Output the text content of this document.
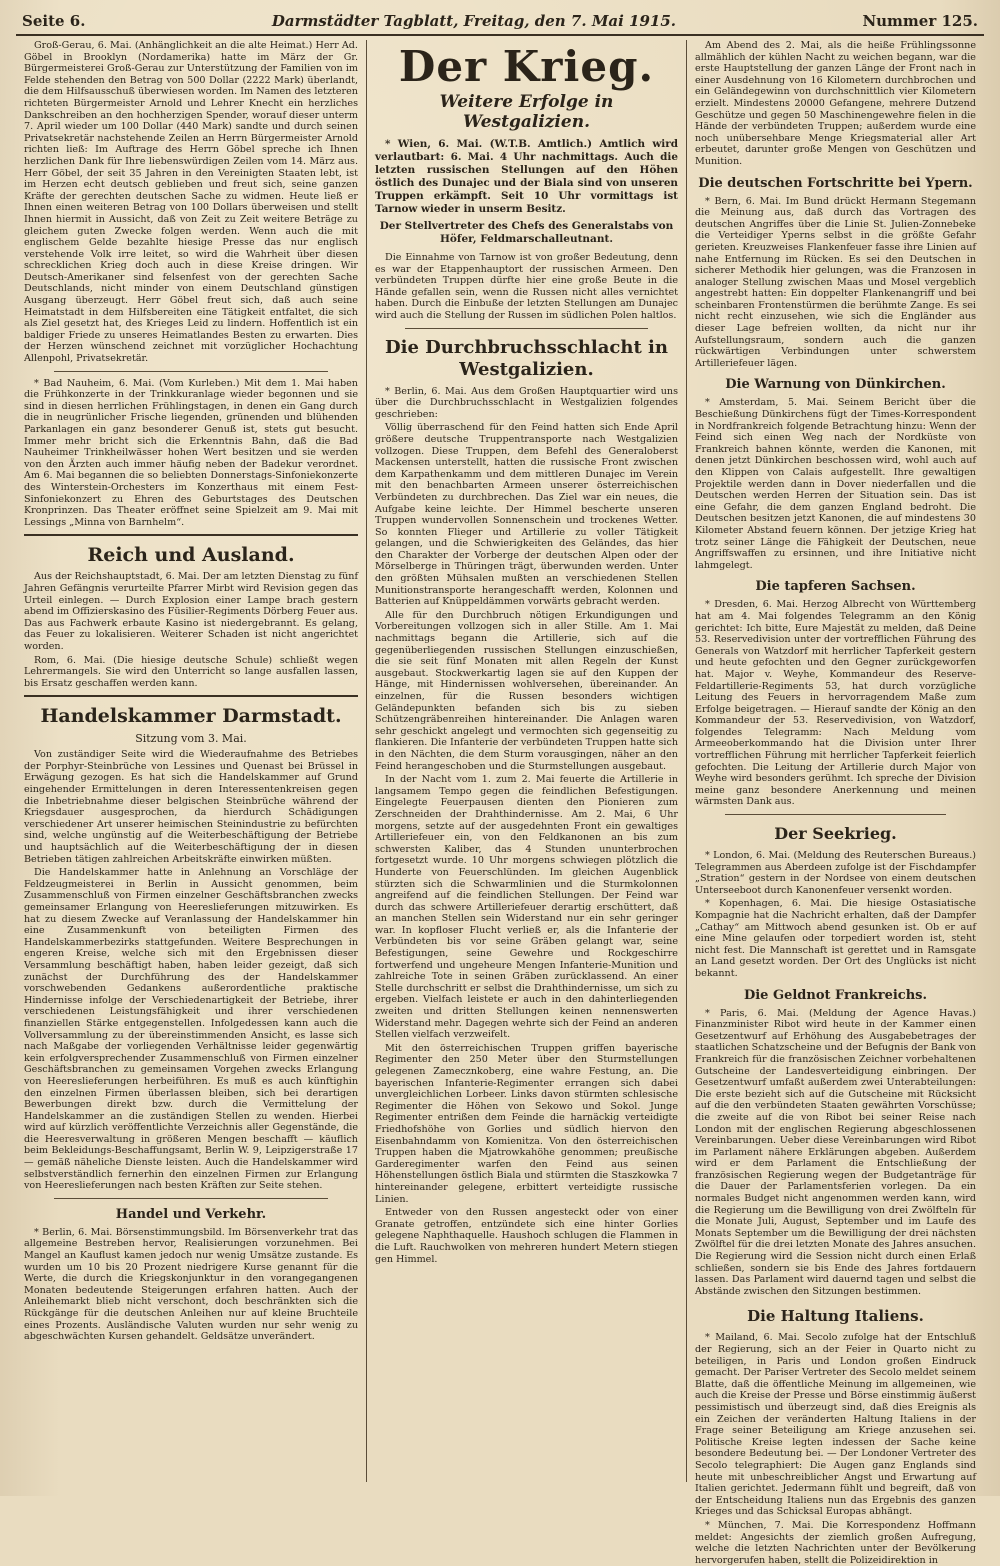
Seite 6.	Darmstädter Tagblatt, Freitag, den 7. Mai 1915.	Nummer 125.

Groß-Gerau, 6. Mai. (Anhänglichkeit an die alte Heimat.) Herr Ad. Göbel in Brooklyn (Nordamerika) hatte im März der Gr. Bürgermeisterei Groß-Gerau zur Unterstützung der Familien von im Felde stehenden den Betrag von 500 Dollar (2222 Mark) überlandt, die dem Hilfsausschuß überwiesen worden. Im Namen des letzteren richteten Bürgermeister Arnold und Lehrer Knecht ein herzliches Dankschreiben an den hochherzigen Spender, worauf dieser unterm 7. April wieder um 100 Dollar (440 Mark) sandte und durch seinen Privatsekretär nachstehende Zeilen an Herrn Bürgermeister Arnold richten ließ: Im Auftrage des Herrn Göbel spreche ich Ihnen herzlichen Dank für Ihre liebenswürdigen Zeilen vom 14. März aus. Herr Göbel, der seit 35 Jahren in den Vereinigten Staaten lebt, ist im Herzen echt deutsch geblieben und freut sich, seine ganzen Kräfte der gerechten deutschen Sache zu widmen. Heute ließ er Ihnen einen weiteren Betrag von 100 Dollars überweisen und stellt Ihnen hiermit in Aussicht, daß von Zeit zu Zeit weitere Beträge zu gleichem guten Zwecke folgen werden. Wenn auch die mit englischem Gelde bezahlte hiesige Presse das nur englisch verstehende Volk irre leitet, so wird die Wahrheit über diesen schrecklichen Krieg doch auch in diese Kreise dringen. Wir Deutsch-Amerikaner sind felsenfest von der gerechten Sache Deutschlands, nicht minder von einem Deutschland günstigen Ausgang überzeugt. Herr Göbel freut sich, daß auch seine Heimatstadt in dem Hilfsbereiten eine Tätigkeit entfaltet, die sich als Ziel gesetzt hat, des Krieges Leid zu lindern. Hoffentlich ist ein baldiger Friede zu unseres Heimatlandes Besten zu erwarten. Dies der Herzen wünschend zeichnet mit vorzüglicher Hochachtung Allenpohl, Privatsekretär.

* Bad Nauheim, 6. Mai. (Vom Kurleben.) Mit dem 1. Mai haben die Frühkonzerte in der Trinkkuranlage wieder begonnen und sie sind in diesen herrlichen Frühlingstagen, in denen ein Gang durch die in neugrünlicher Frische liegenden, grünenden und blühenden Parkanlagen ein ganz besonderer Genuß ist, stets gut besucht. Immer mehr bricht sich die Erkenntnis Bahn, daß die Bad Nauheimer Trinkheilwässer hohen Wert besitzen und sie werden von den Ärzten auch immer häufig neben der Badekur verordnet. Am 6. Mai begannen die so beliebten Donnerstags-Sinfoniekonzerte des Winterstein-Orchesters im Konzerthaus mit einem Fest-Sinfoniekonzert zu Ehren des Geburtstages des Deutschen Kronprinzen. Das Theater eröffnet seine Spielzeit am 9. Mai mit Lessings „Minna von Barnhelm“.

Reich und Ausland.

Aus der Reichshauptstadt, 6. Mai. Der am letzten Dienstag zu fünf Jahren Gefängnis verurteilte Pfarrer Mirbt wird Revision gegen das Urteil einlegen. — Durch Explosion einer Lampe brach gestern abend im Offizierskasino des Füsilier-Regiments Dörberg Feuer aus. Das aus Fachwerk erbaute Kasino ist niedergebrannt. Es gelang, das Feuer zu lokalisieren. Weiterer Schaden ist nicht angerichtet worden.

Rom, 6. Mai. (Die hiesige deutsche Schule) schließt wegen Lehrermangels. Sie wird den Unterricht so lange ausfallen lassen, bis Ersatz geschaffen werden kann.

Handelskammer Darmstadt.
Sitzung vom 3. Mai.

Von zuständiger Seite wird die Wiederaufnahme des Betriebes der Porphyr-Steinbrüche von Lessines und Quenast bei Brüssel in Erwägung gezogen. Es hat sich die Handelskammer auf Grund eingehender Ermittelungen in deren Interessentenkreisen gegen die Inbetriebnahme dieser belgischen Steinbrüche während der Kriegsdauer ausgesprochen, da hierdurch Schädigungen verschiedener Art unserer heimischen Steinindustrie zu befürchten sind, welche ungünstig auf die Weiterbeschäftigung der Betriebe und hauptsächlich auf die Weiterbeschäftigung der in diesen Betrieben tätigen zahlreichen Arbeitskräfte einwirken müßten.

Die Handelskammer hatte in Anlehnung an Vorschläge der Feldzeugmeisterei in Berlin in Aussicht genommen, beim Zusammenschluß von Firmen einzelner Geschäftsbranchen zwecks gemeinsamer Erlangung von Heereslieferungen mitzuwirken. Es hat zu diesem Zwecke auf Veranlassung der Handelskammer hin eine Zusammenkunft von beteiligten Firmen des Handelskammerbezirks stattgefunden. Weitere Besprechungen in engeren Kreise, welche sich mit den Ergebnissen dieser Versammlung beschäftigt haben, haben leider gezeigt, daß sich zunächst der Durchführung des der Handelskammer vorschwebenden Gedankens außerordentliche praktische Hindernisse infolge der Verschiedenartigkeit der Betriebe, ihrer verschiedenen Leistungsfähigkeit und ihrer verschiedenen finanziellen Stärke entgegenstellen. Infolgedessen kann auch die Vollversammlung zu der übereinstimmenden Ansicht, es lasse sich nach Maßgabe der vorliegenden Verhältnisse leider gegenwärtig kein erfolgversprechender Zusammenschluß von Firmen einzelner Geschäftsbranchen zu gemeinsamen Vorgehen zwecks Erlangung von Heereslieferungen herbeiführen. Es muß es auch künftighin den einzelnen Firmen überlassen bleiben, sich bei derartigen Bewerbungen direkt bzw. durch die Vermittelung der Handelskammer an die zuständigen Stellen zu wenden. Hierbei wird auf kürzlich veröffentlichte Verzeichnis aller Gegenstände, die die Heeresverwaltung in größeren Mengen beschafft — käuflich beim Bekleidungs-Beschaffungsamt, Berlin W. 9, Leipzigerstraße 17 — gemäß näheliche Dienste leisten. Auch die Handelskammer wird selbstverständlich fernerhin den einzelnen Firmen zur Erlangung von Heereslieferungen nach besten Kräften zur Seite stehen.

Handel und Verkehr.

* Berlin, 6. Mai. Börsenstimmungsbild. Im Börsenverkehr trat das allgemeine Bestreben hervor, Realisierungen vorzunehmen. Bei Mangel an Kauflust kamen jedoch nur wenig Umsätze zustande. Es wurden um 10 bis 20 Prozent niedrigere Kurse genannt für die Werte, die durch die Kriegskonjunktur in den vorangegangenen Monaten bedeutende Steigerungen erfahren hatten. Auch der Anleihemarkt blieb nicht verschont, doch beschränkten sich die Rückgänge für die deutschen Anleihen nur auf kleine Bruchteile eines Prozents. Ausländische Valuten wurden nur sehr wenig zu abgeschwächten Kursen gehandelt. Geldsätze unverändert.

Der Krieg.
Weitere Erfolge in Westgalizien.

* Wien, 6. Mai. (W.T.B. Amtlich.) Amtlich wird verlautbart: 6. Mai. 4 Uhr nachmittags. Auch die letzten russischen Stellungen auf den Höhen östlich des Dunajec und der Biala sind von unseren Truppen erkämpft. Seit 10 Uhr vormittags ist Tarnow wieder in unserm Besitz.

Der Stellvertreter des Chefs des Generalstabs von Höfer, Feldmarschalleutnant.

Die Einnahme von Tarnow ist von großer Bedeutung, denn es war der Etappenhauptort der russischen Armeen. Den verbündeten Truppen dürfte hier eine große Beute in die Hände gefallen sein, wenn die Russen nicht alles vernichtet haben. Durch die Einbuße der letzten Stellungen am Dunajec wird auch die Stellung der Russen im südlichen Polen haltlos.

Die Durchbruchsschlacht in Westgalizien.

* Berlin, 6. Mai. Aus dem Großen Hauptquartier wird uns über die Durchbruchsschlacht in Westgalizien folgendes geschrieben:

Völlig überraschend für den Feind hatten sich Ende April größere deutsche Truppentransporte nach Westgalizien vollzogen. Diese Truppen, dem Befehl des Generaloberst Mackensen unterstellt, hatten die russische Front zwischen dem Karpathenkamm und dem mittleren Dunajec im Verein mit den benachbarten Armeen unserer österreichischen Verbündeten zu durchbrechen. Das Ziel war ein neues, die Aufgabe keine leichte. Der Himmel bescherte unseren Truppen wundervollen Sonnenschein und trockenes Wetter. So konnten Flieger und Artillerie zu voller Tätigkeit gelangen, und die Schwierigkeiten des Geländes, das hier den Charakter der Vorberge der deutschen Alpen oder der Mörselberge in Thüringen trägt, überwunden werden. Unter den größten Mühsalen mußten an verschiedenen Stellen Munitionstransporte herangeschafft werden, Kolonnen und Batterien auf Knüppeldämmen vorwärts gebracht werden.

Alle für den Durchbruch nötigen Erkundigungen und Vorbereitungen vollzogen sich in aller Stille. Am 1. Mai nachmittags begann die Artillerie, sich auf die gegenüberliegenden russischen Stellungen einzuschießen, die sie seit fünf Monaten mit allen Regeln der Kunst ausgebaut. Stockwerkartig lagen sie auf den Kuppen der Hänge, mit Hindernissen wohlversehen, übereinander. An einzelnen, für die Russen besonders wichtigen Geländepunkten befanden sich bis zu sieben Schützengräbenreihen hintereinander. Die Anlagen waren sehr geschickt angelegt und vermochten sich gegenseitig zu flankieren. Die Infanterie der verbündeten Truppen hatte sich in den Nächten, die dem Sturm vorausgingen, näher an den Feind herangeschoben und die Sturmstellungen ausgebaut.

In der Nacht vom 1. zum 2. Mai feuerte die Artillerie in langsamem Tempo gegen die feindlichen Befestigungen. Eingelegte Feuerpausen dienten den Pionieren zum Zerschneiden der Drahthindernisse. Am 2. Mai, 6 Uhr morgens, setzte auf der ausgedehnten Front ein gewaltiges Artilleriefeuer ein, von den Feldkanonen an bis zum schwersten Kaliber, das 4 Stunden ununterbrochen fortgesetzt wurde. 10 Uhr morgens schwiegen plötzlich die Hunderte von Feuerschlünden. Im gleichen Augenblick stürzten sich die Schwarmlinien und die Sturmkolonnen angreifend auf die feindlichen Stellungen. Der Feind war durch das schwere Artilleriefeuer derartig erschüttert, daß an manchen Stellen sein Widerstand nur ein sehr geringer war. In kopfloser Flucht verließ er, als die Infanterie der Verbündeten bis vor seine Gräben gelangt war, seine Befestigungen, seine Gewehre und Rockgeschirre fortwerfend und ungeheure Mengen Infanterie-Munition und zahlreiche Tote in seinen Gräben zurücklassend. An einer Stelle durchschritt er selbst die Drahthindernisse, um sich zu ergeben. Vielfach leistete er auch in den dahinterliegenden zweiten und dritten Stellungen keinen nennenswerten Widerstand mehr. Dagegen wehrte sich der Feind an anderen Stellen vielfach verzweifelt.

Mit den österreichischen Truppen griffen bayerische Regimenter den 250 Meter über den Sturmstellungen gelegenen Zamecznkoberg, eine wahre Festung, an. Die bayerischen Infanterie-Regimenter errangen sich dabei unvergleichlichen Lorbeer. Links davon stürmten schlesische Regimenter die Höhen von Sekowo und Sokol. Junge Regimenter entrißen dem Feinde die harnäckig verteidigte Friedhofshöhe von Gorlies und südlich hiervon den Eisenbahndamm von Komienitza. Von den österreichischen Truppen haben die Mjatrowkahöhe genommen; preußische Garderegimenter warfen den Feind aus seinen Höhenstellungen östlich Biala und stürmten die Staszkowka 7 hintereinander gelegene, erbittert verteidigte russische Linien.

Entweder von den Russen angesteckt oder von einer Granate getroffen, entzündete sich eine hinter Gorlies gelegene Naphthaquelle. Haushoch schlugen die Flammen in die Luft. Rauchwolken von mehreren hundert Metern stiegen gen Himmel.

Am Abend des 2. Mai, als die heiße Frühlingssonne allmählich der kühlen Nacht zu weichen begann, war die erste Hauptstellung der ganzen Länge der Front nach in einer Ausdehnung von 16 Kilometern durchbrochen und ein Geländegewinn von durchschnittlich vier Kilometern erzielt. Mindestens 20000 Gefangene, mehrere Dutzend Geschütze und gegen 50 Maschinengewehre fielen in die Hände der verbündeten Truppen; außerdem wurde eine noch unübersehbare Menge Kriegsmaterial aller Art erbeutet, darunter große Mengen von Geschützen und Munition.

Die deutschen Fortschritte bei Ypern.

* Bern, 6. Mai. Im Bund drückt Hermann Stegemann die Meinung aus, daß durch das Vortragen des deutschen Angriffes über die Linie St. Julien-Zonnebeke die Verteidiger Yperns selbst in die größte Gefahr gerieten. Kreuzweises Flankenfeuer fasse ihre Linien auf nahe Entfernung im Rücken. Es sei den Deutschen in sicherer Methodik hier gelungen, was die Franzosen in analoger Stellung zwischen Maas und Mosel vergeblich angestrebt hatten: Ein doppelter Flankenangriff und bei scheinbaren Frontenstürmen die berühmte Zange. Es sei nicht recht einzusehen, wie sich die Engländer aus dieser Lage befreien wollten, da nicht nur ihr Aufstellungsraum, sondern auch die ganzen rückwärtigen Verbindungen unter schwerstem Artilleriefeuer lägen.

Die Warnung von Dünkirchen.

* Amsterdam, 5. Mai. Seinem Bericht über die Beschießung Dünkirchens fügt der Times-Korrespondent in Nordfrankreich folgende Betrachtung hinzu: Wenn der Feind sich einen Weg nach der Nordküste von Frankreich bahnen könnte, werden die Kanonen, mit denen jetzt Dünkirchen beschossen wird, wohl auch auf den Klippen von Calais aufgestellt. Ihre gewaltigen Projektile werden dann in Dover niederfallen und die Deutschen werden Herren der Situation sein. Das ist eine Gefahr, die dem ganzen England bedroht. Die Deutschen besitzen jetzt Kanonen, die auf mindestens 30 Kilometer Abstand feuern können. Der jetzige Krieg hat trotz seiner Länge die Fähigkeit der Deutschen, neue Angriffswaffen zu ersinnen, und ihre Initiative nicht lahmgelegt.

Die tapferen Sachsen.

* Dresden, 6. Mai. Herzog Albrecht von Württemberg hat am 4. Mai folgendes Telegramm an den König gerichtet: Ich bitte, Eure Majestät zu melden, daß Deine 53. Reservedivision unter der vortrefflichen Führung des Generals von Watzdorf mit herrlicher Tapferkeit gestern und heute gefochten und den Gegner zurückgeworfen hat. Major v. Weyhe, Kommandeur des Reserve-Feldartillerie-Regiments 53, hat durch vorzügliche Leitung des Feuers in hervorragendem Maße zum Erfolge beigetragen. — Hierauf sandte der König an den Kommandeur der 53. Reservedivision, von Watzdorf, folgendes Telegramm: Nach Meldung vom Armeeoberkommando hat die Division unter Ihrer vortrefflichen Führung mit herrlicher Tapferkeit feierlich gefochten. Die Leitung der Artillerie durch Major von Weyhe wird besonders gerühmt. Ich spreche der Division meine ganz besondere Anerkennung und meinen wärmsten Dank aus.

Der Seekrieg.

* London, 6. Mai. (Meldung des Reuterschen Bureaus.) Telegrammen aus Aberdeen zufolge ist der Fischdampfer „Stration“ gestern in der Nordsee von einem deutschen Unterseeboot durch Kanonenfeuer versenkt worden.

* Kopenhagen, 6. Mai. Die hiesige Ostasiatische Kompagnie hat die Nachricht erhalten, daß der Dampfer „Cathay“ am Mittwoch abend gesunken ist. Ob er auf eine Mine gelaufen oder torpediert worden ist, steht nicht fest. Die Mannschaft ist gerettet und in Ramsgate an Land gesetzt worden. Der Ort des Unglücks ist nicht bekannt.

Die Geldnot Frankreichs.

* Paris, 6. Mai. (Meldung der Agence Havas.) Finanzminister Ribot wird heute in der Kammer einen Gesetzentwurf auf Erhöhung des Ausgabebetrages der staatlichen Schatzscheine und der Befugnis der Bank von Frankreich für die französischen Zeichner vorbehaltenen Gutscheine der Landesverteidigung einbringen. Der Gesetzentwurf umfaßt außerdem zwei Unterabteilungen: Die erste bezieht sich auf die Gutscheine mit Rücksicht auf die den verbündeten Staaten gewährten Vorschüsse; die zweite auf die von Ribot bei seiner Reise nach London mit der englischen Regierung abgeschlossenen Vereinbarungen. Ueber diese Vereinbarungen wird Ribot im Parlament nähere Erklärungen abgeben. Außerdem wird er dem Parlament die Entschließung der französischen Regierung wegen der Budgetanträge für die Dauer der Parlamentsferien vorlegen. Da ein normales Budget nicht angenommen werden kann, wird die Regierung um die Bewilligung von drei Zwölfteln für die Monate Juli, August, September und im Laufe des Monats September um die Bewilligung der drei nächsten Zwölftel für die drei letzten Monate des Jahres ansuchen. Die Regierung wird die Session nicht durch einen Erlaß schließen, sondern sie bis Ende des Jahres fortdauern lassen. Das Parlament wird dauernd tagen und selbst die Abstände zwischen den Sitzungen bestimmen.

Die Haltung Italiens.

* Mailand, 6. Mai. Secolo zufolge hat der Entschluß der Regierung, sich an der Feier in Quarto nicht zu beteiligen, in Paris und London großen Eindruck gemacht. Der Pariser Vertreter des Secolo meldet seinem Blatte, daß die öffentliche Meinung im allgemeinen, wie auch die Kreise der Presse und Börse einstimmig äußerst pessimistisch und überzeugt sind, daß dies Ereignis als ein Zeichen der veränderten Haltung Italiens in der Frage seiner Beteiligung am Kriege anzusehen sei. Politische Kreise legten indessen der Sache keine besondere Bedeutung bei. — Der Londoner Vertreter des Secolo telegraphiert: Die Augen ganz Englands sind heute mit unbeschreiblicher Angst und Erwartung auf Italien gerichtet. Jedermann fühlt und begreift, daß von der Entscheidung Italiens nun das Ergebnis des ganzen Krieges und das Schicksal Europas abhängt.

* München, 7. Mai. Die Korrespondenz Hoffmann meldet: Angesichts der ziemlich großen Aufregung, welche die letzten Nachrichten unter der Bevölkerung hervorgerufen haben, stellt die Polizeidirektion in
